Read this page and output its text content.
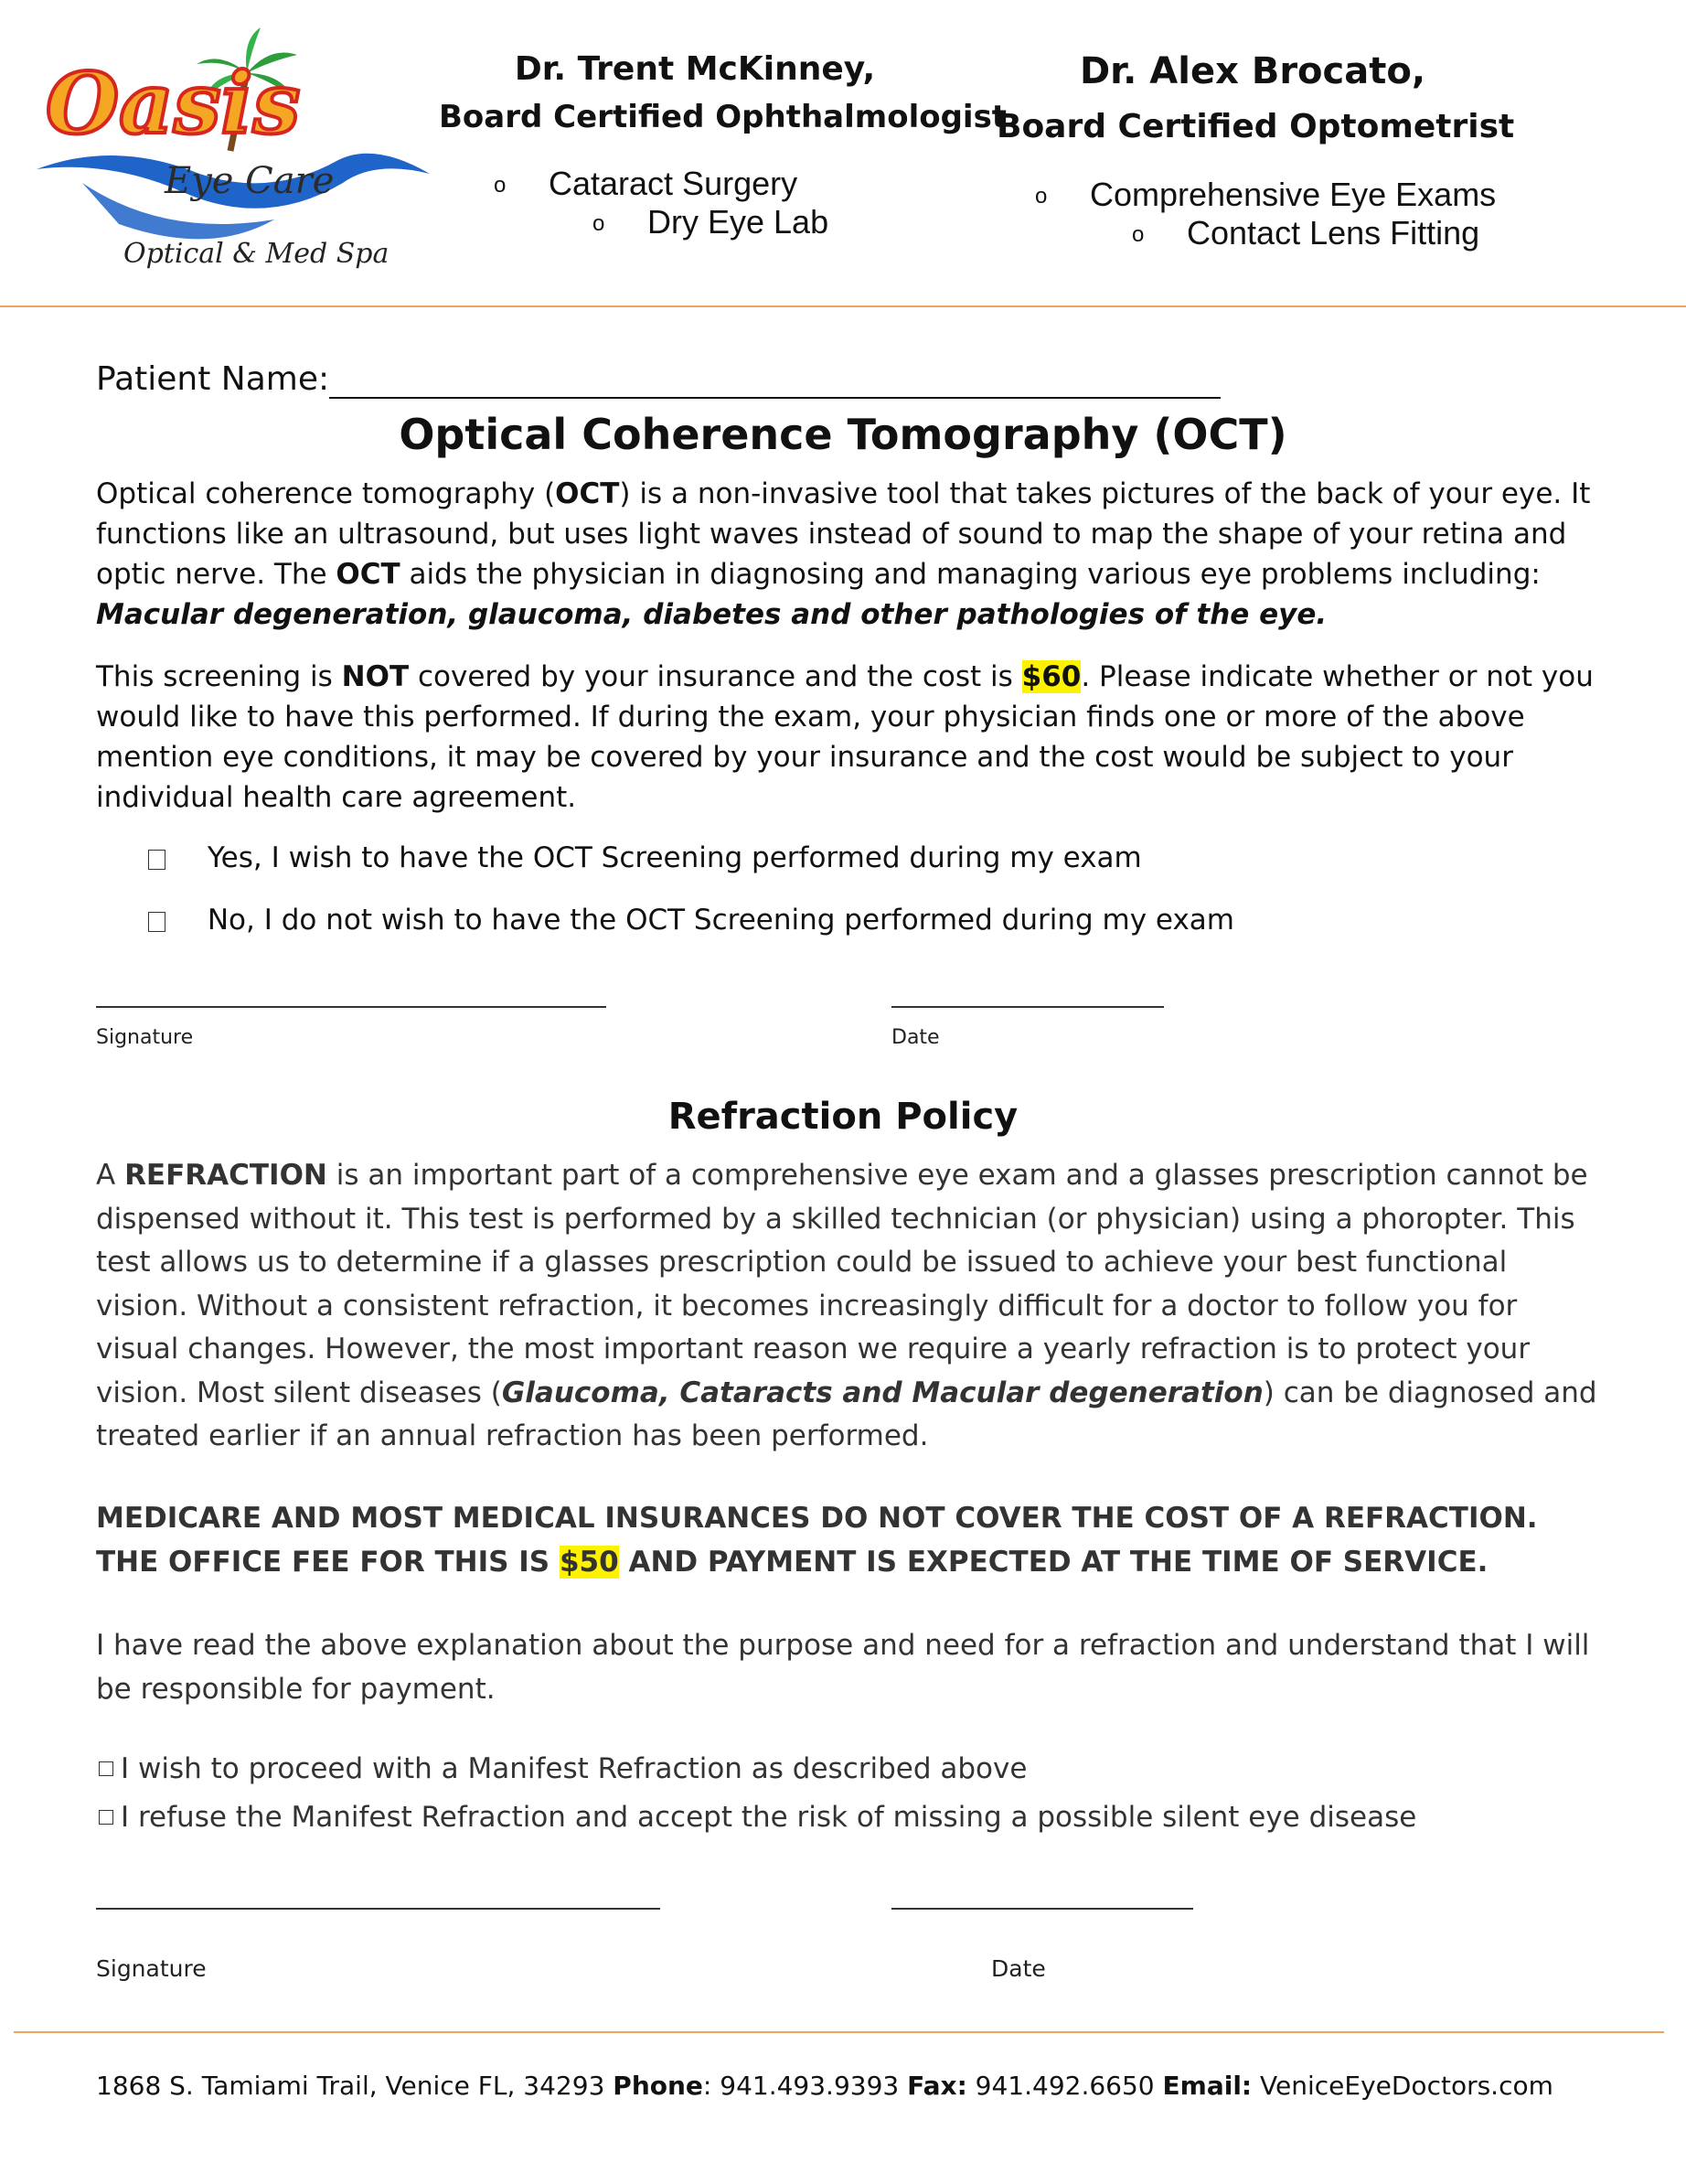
Oasis
Eye Care
Optical & Med Spa
Dr. Trent McKinney,
Board Certified Ophthalmologist
o Cataract Surgery
o Dry Eye Lab
Dr. Alex Brocato,
Board Certified Optometrist
o Comprehensive Eye Exams
o Contact Lens Fitting
Patient Name:
Optical Coherence Tomography (OCT)
Optical coherence tomography (OCT) is a non-invasive tool that takes pictures of the back of your eye. It functions like an ultrasound, but uses light waves instead of sound to map the shape of your retina and optic nerve. The OCT aids the physician in diagnosing and managing various eye problems including: Macular degeneration, glaucoma, diabetes and other pathologies of the eye.
This screening is NOT covered by your insurance and the cost is $60. Please indicate whether or not you would like to have this performed. If during the exam, your physician finds one or more of the above mention eye conditions, it may be covered by your insurance and the cost would be subject to your individual health care agreement.
Yes, I wish to have the OCT Screening performed during my exam
No, I do not wish to have the OCT Screening performed during my exam
Signature	Date
Refraction Policy
A REFRACTION is an important part of a comprehensive eye exam and a glasses prescription cannot be dispensed without it. This test is performed by a skilled technician (or physician) using a phoropter. This test allows us to determine if a glasses prescription could be issued to achieve your best functional vision. Without a consistent refraction, it becomes increasingly difficult for a doctor to follow you for visual changes. However, the most important reason we require a yearly refraction is to protect your vision. Most silent diseases (Glaucoma, Cataracts and Macular degeneration) can be diagnosed and treated earlier if an annual refraction has been performed.
MEDICARE AND MOST MEDICAL INSURANCES DO NOT COVER THE COST OF A REFRACTION. THE OFFICE FEE FOR THIS IS $50 AND PAYMENT IS EXPECTED AT THE TIME OF SERVICE.
I have read the above explanation about the purpose and need for a refraction and understand that I will be responsible for payment.
I wish to proceed with a Manifest Refraction as described above
I refuse the Manifest Refraction and accept the risk of missing a possible silent eye disease
Signature	Date
1868 S. Tamiami Trail, Venice FL, 34293 Phone: 941.493.9393 Fax: 941.492.6650 Email: VeniceEyeDoctors.com
